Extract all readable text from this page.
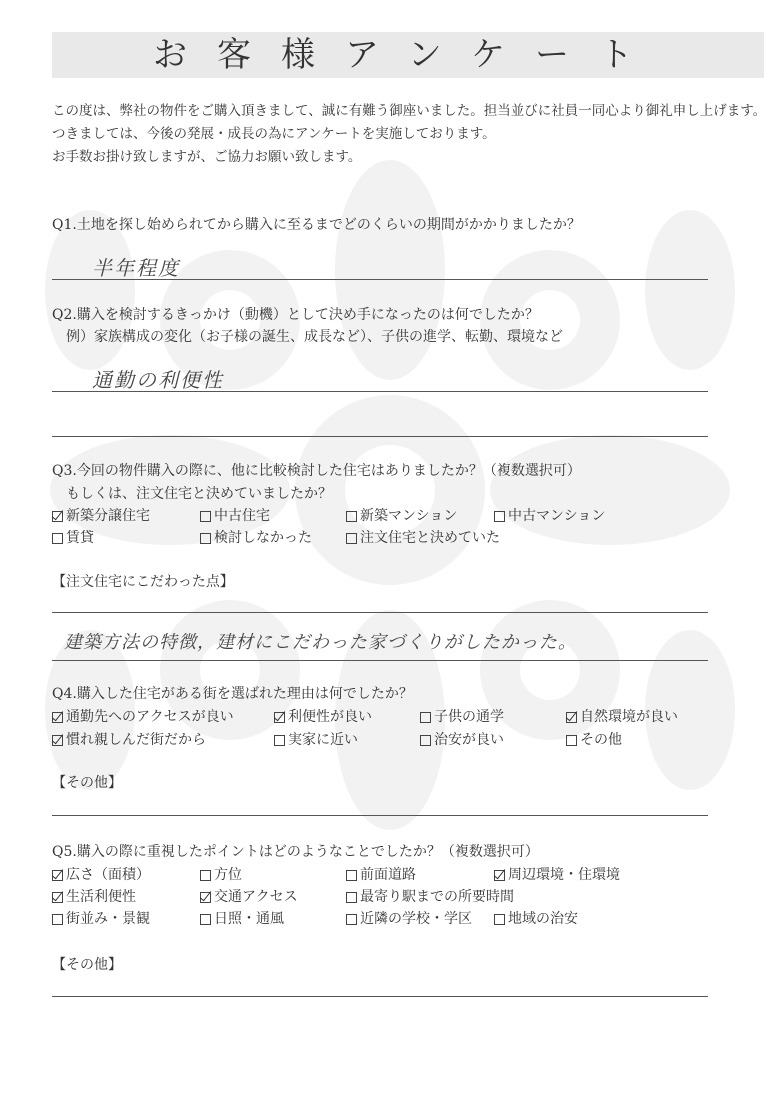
お客様アンケート
この度は、弊社の物件をご購入頂きまして、誠に有難う御座いました。担当並びに社員一同心より御礼申し上げます。
つきましては、今後の発展・成長の為にアンケートを実施しております。
お手数お掛け致しますが、ご協力お願い致します。
Q1.土地を探し始められてから購入に至るまでどのくらいの期間がかかりましたか？
半年程度
Q2.購入を検討するきっかけ（動機）として決め手になったのは何でしたか？
例）家族構成の変化（お子様の誕生、成長など）、子供の進学、転勤、環境など
通勤の利便性
Q3.今回の物件購入の際に、他に比較検討した住宅はありましたか？（複数選択可）
もしくは、注文住宅と決めていましたか？
新築分譲住宅	中古住宅	新築マンション	中古マンション
賃貸	検討しなかった	注文住宅と決めていた
【注文住宅にこだわった点】
建築方法の特徴，建材にこだわった家づくりがしたかった。
Q4.購入した住宅がある街を選ばれた理由は何でしたか？
通勤先へのアクセスが良い	利便性が良い	子供の通学	自然環境が良い
慣れ親しんだ街だから	実家に近い	治安が良い	その他
【その他】
Q5.購入の際に重視したポイントはどのようなことでしたか？（複数選択可）
広さ（面積）	方位	前面道路	周辺環境・住環境
生活利便性	交通アクセス	最寄り駅までの所要時間
街並み・景観	日照・通風	近隣の学校・学区	地域の治安
【その他】
